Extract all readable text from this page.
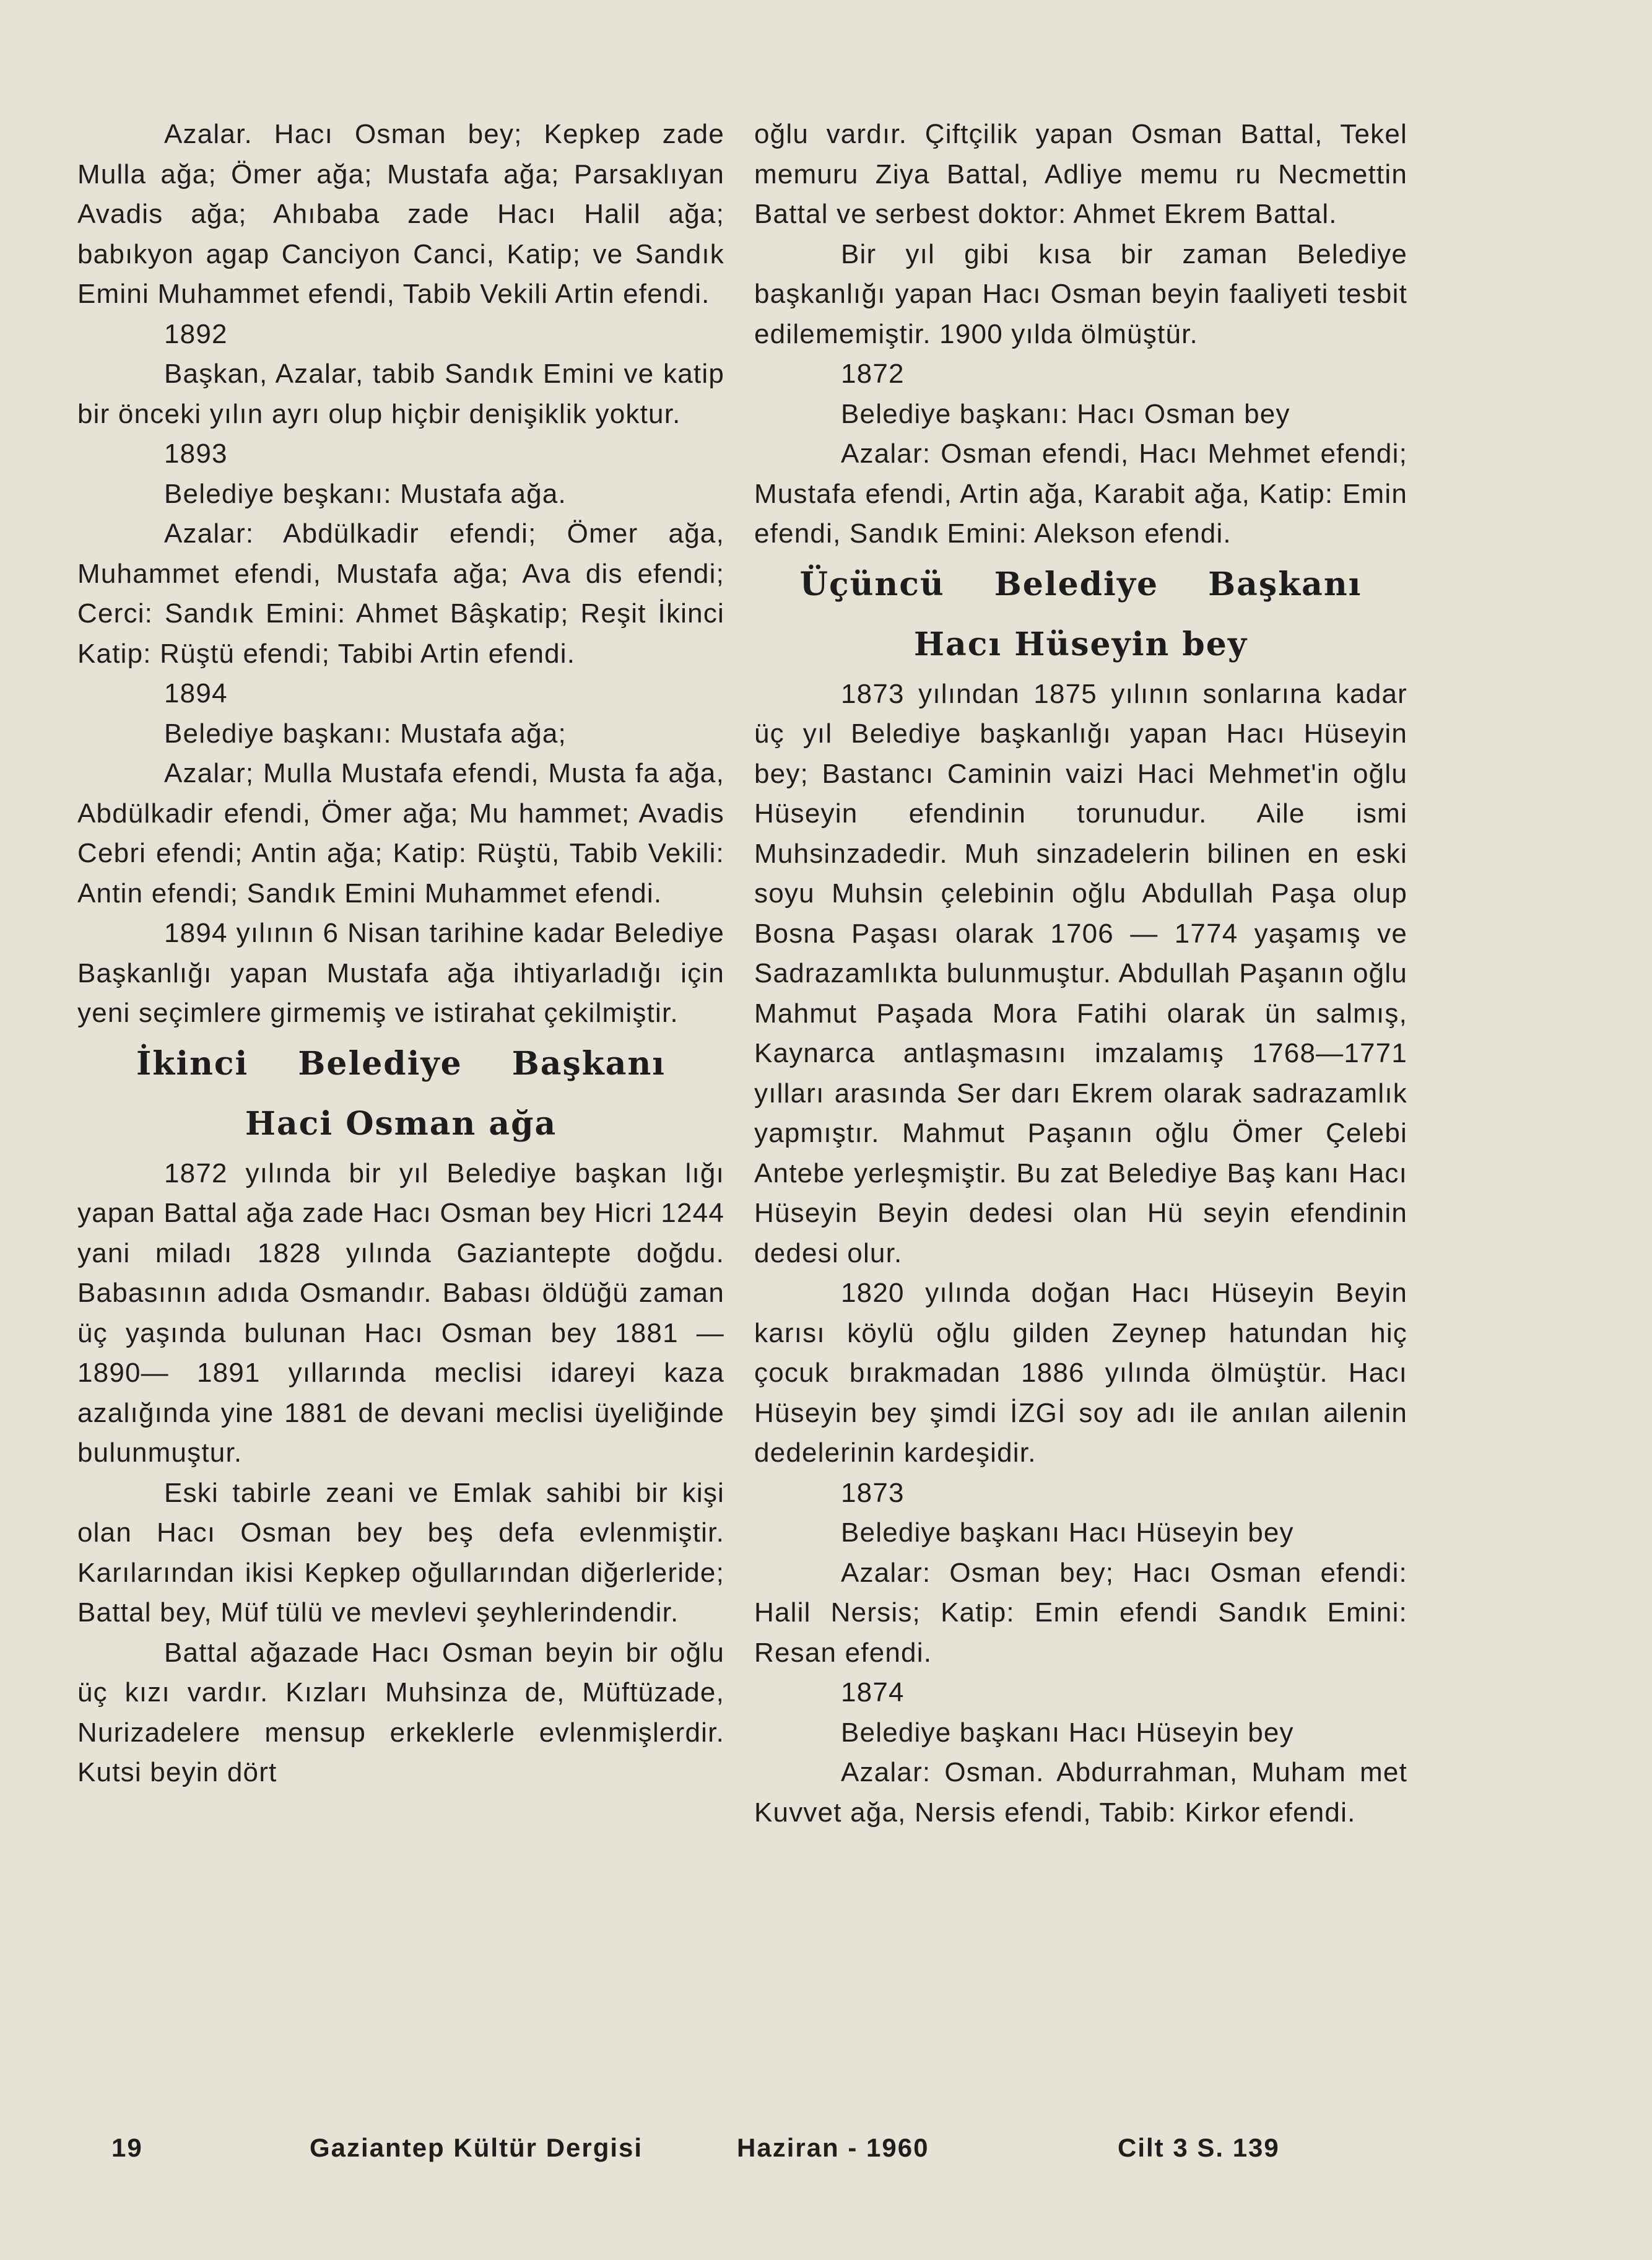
Azalar. Hacı Osman bey; Kepkep zade Mulla ağa; Ömer ağa; Mustafa ağa; Parsaklıyan Avadis ağa; Ahıbaba zade Hacı Halil ağa; babıkyon agap Canciyon Canci, Katip; ve Sandık Emini Muhammet efendi, Tabib Vekili Artin efendi.

1892

Başkan, Azalar, tabib Sandık Emini ve katip bir önceki yılın ayrı olup hiçbir denişiklik yoktur.

1893

Belediye beşkanı: Mustafa ağa.

Azalar: Abdülkadir efendi; Ömer ağa, Muhammet efendi, Mustafa ağa; Ava dis efendi; Cerci: Sandık Emini: Ahmet Bâşkatip; Reşit İkinci Katip: Rüştü efendi; Tabibi Artin efendi.

1894

Belediye başkanı: Mustafa ağa;

Azalar; Mulla Mustafa efendi, Musta fa ağa, Abdülkadir efendi, Ömer ağa; Mu hammet; Avadis Cebri efendi; Antin ağa; Katip: Rüştü, Tabib Vekili: Antin efendi; Sandık Emini Muhammet efendi.

1894 yılının 6 Nisan tarihine kadar Belediye Başkanlığı yapan Mustafa ağa ihtiyarladığı için yeni seçimlere girmemiş ve istirahat çekilmiştir.

İkinci Belediye Başkanı
Haci Osman ağa

1872 yılında bir yıl Belediye başkan lığı yapan Battal ağa zade Hacı Osman bey Hicri 1244 yani miladı 1828 yılında Gaziantepte doğdu. Babasının adıda Osmandır. Babası öldüğü zaman üç yaşında bulunan Hacı Osman bey 1881 — 1890— 1891 yıllarında meclisi idareyi kaza azalığında yine 1881 de devani meclisi üyeliğinde bulunmuştur.

Eski tabirle zeani ve Emlak sahibi bir kişi olan Hacı Osman bey beş defa evlenmiştir. Karılarından ikisi Kepkep oğullarından diğerleride; Battal bey, Müf tülü ve mevlevi şeyhlerindendir.

Battal ağazade Hacı Osman beyin bir oğlu üç kızı vardır. Kızları Muhsinza de, Müftüzade, Nurizadelere mensup erkeklerle evlenmişlerdir. Kutsi beyin dört

oğlu vardır. Çiftçilik yapan Osman Battal, Tekel memuru Ziya Battal, Adliye memu ru Necmettin Battal ve serbest doktor: Ahmet Ekrem Battal.

Bir yıl gibi kısa bir zaman Belediye başkanlığı yapan Hacı Osman beyin faaliyeti tesbit edilememiştir. 1900 yılda ölmüştür.

1872

Belediye başkanı: Hacı Osman bey

Azalar: Osman efendi, Hacı Mehmet efendi; Mustafa efendi, Artin ağa, Karabit ağa, Katip: Emin efendi, Sandık Emini: Alekson efendi.

Üçüncü Belediye Başkanı
Hacı Hüseyin bey

1873 yılından 1875 yılının sonlarına kadar üç yıl Belediye başkanlığı yapan Hacı Hüseyin bey; Bastancı Caminin vaizi Haci Mehmet'in oğlu Hüseyin efendinin torunudur. Aile ismi Muhsinzadedir. Muh sinzadelerin bilinen en eski soyu Muhsin çelebinin oğlu Abdullah Paşa olup Bosna Paşası olarak 1706 — 1774 yaşamış ve Sadrazamlıkta bulunmuştur. Abdullah Paşanın oğlu Mahmut Paşada Mora Fatihi olarak ün salmış, Kaynarca antlaşmasını imzalamış 1768—1771 yılları arasında Ser darı Ekrem olarak sadrazamlık yapmıştır. Mahmut Paşanın oğlu Ömer Çelebi Antebe yerleşmiştir. Bu zat Belediye Baş kanı Hacı Hüseyin Beyin dedesi olan Hü seyin efendinin dedesi olur.

1820 yılında doğan Hacı Hüseyin Beyin karısı köylü oğlu gilden Zeynep hatundan hiç çocuk bırakmadan 1886 yılında ölmüştür. Hacı Hüseyin bey şimdi İZGİ soy adı ile anılan ailenin dedelerinin kardeşidir.

1873

Belediye başkanı Hacı Hüseyin bey

Azalar: Osman bey; Hacı Osman efendi: Halil Nersis; Katip: Emin efendi Sandık Emini: Resan efendi.

1874

Belediye başkanı Hacı Hüseyin bey

Azalar: Osman. Abdurrahman, Muham met Kuvvet ağa, Nersis efendi, Tabib: Kirkor efendi.

19	Gaziantep Kültür Dergisi	Haziran - 1960	Cilt 3 S. 139
